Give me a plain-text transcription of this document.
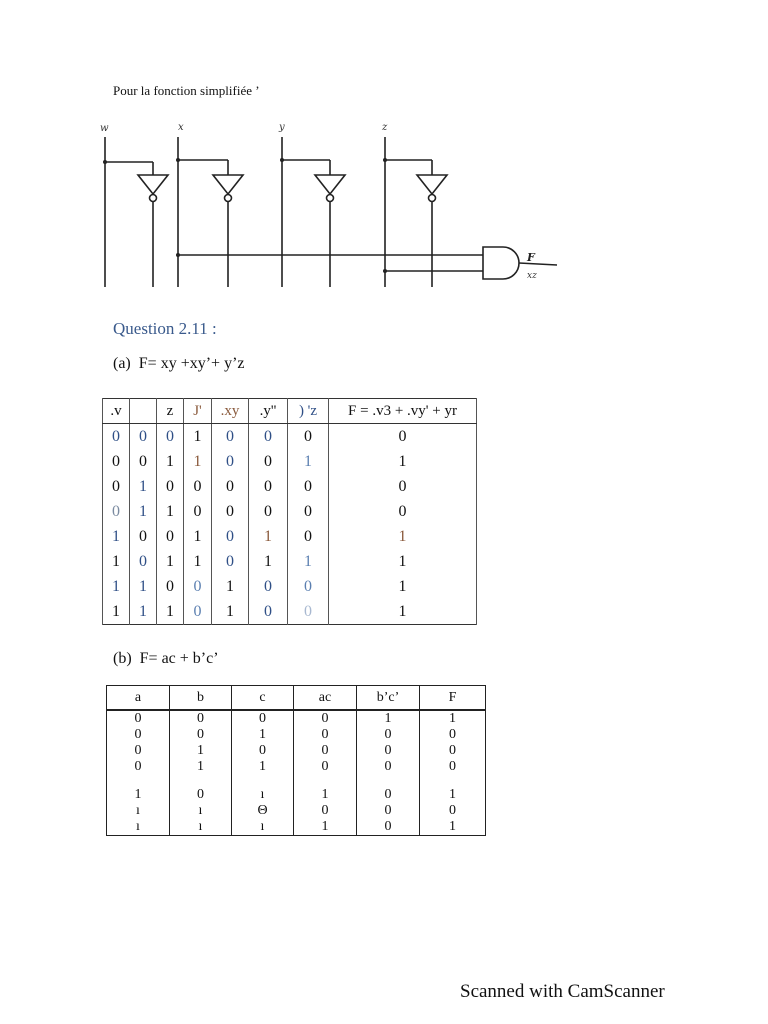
Pour la fonction simplifiée ’
w	x	y	z
F
xz
Question 2.11 :
(a) F= xy +xy’+ y’z
.v		z	J'	.xy	.y''	) 'z	F = .v3 + .vy' + yr
0	0	0	1	0	0	0	0
0	0	1	1	0	0	1	1
0	1	0	0	0	0	0	0
0	1	1	0	0	0	0	0
1	0	0	1	0	1	0	1
1	0	1	1	0	1	1	1
1	1	0	0	1	0	0	1
1	1	1	0	1	0	0	1
(b) F= ac + b’c’
a	b	c	ac	b’c’	F
0	0	0	0	1	1
0	0	1	0	0	0
0	1	0	0	0	0
0	1	1	0	0	0

1	0	ı	1	0	1
ı	ı	Θ	0	0	0
ı	ı	ı	1	0	1
Scanned with CamScanner
